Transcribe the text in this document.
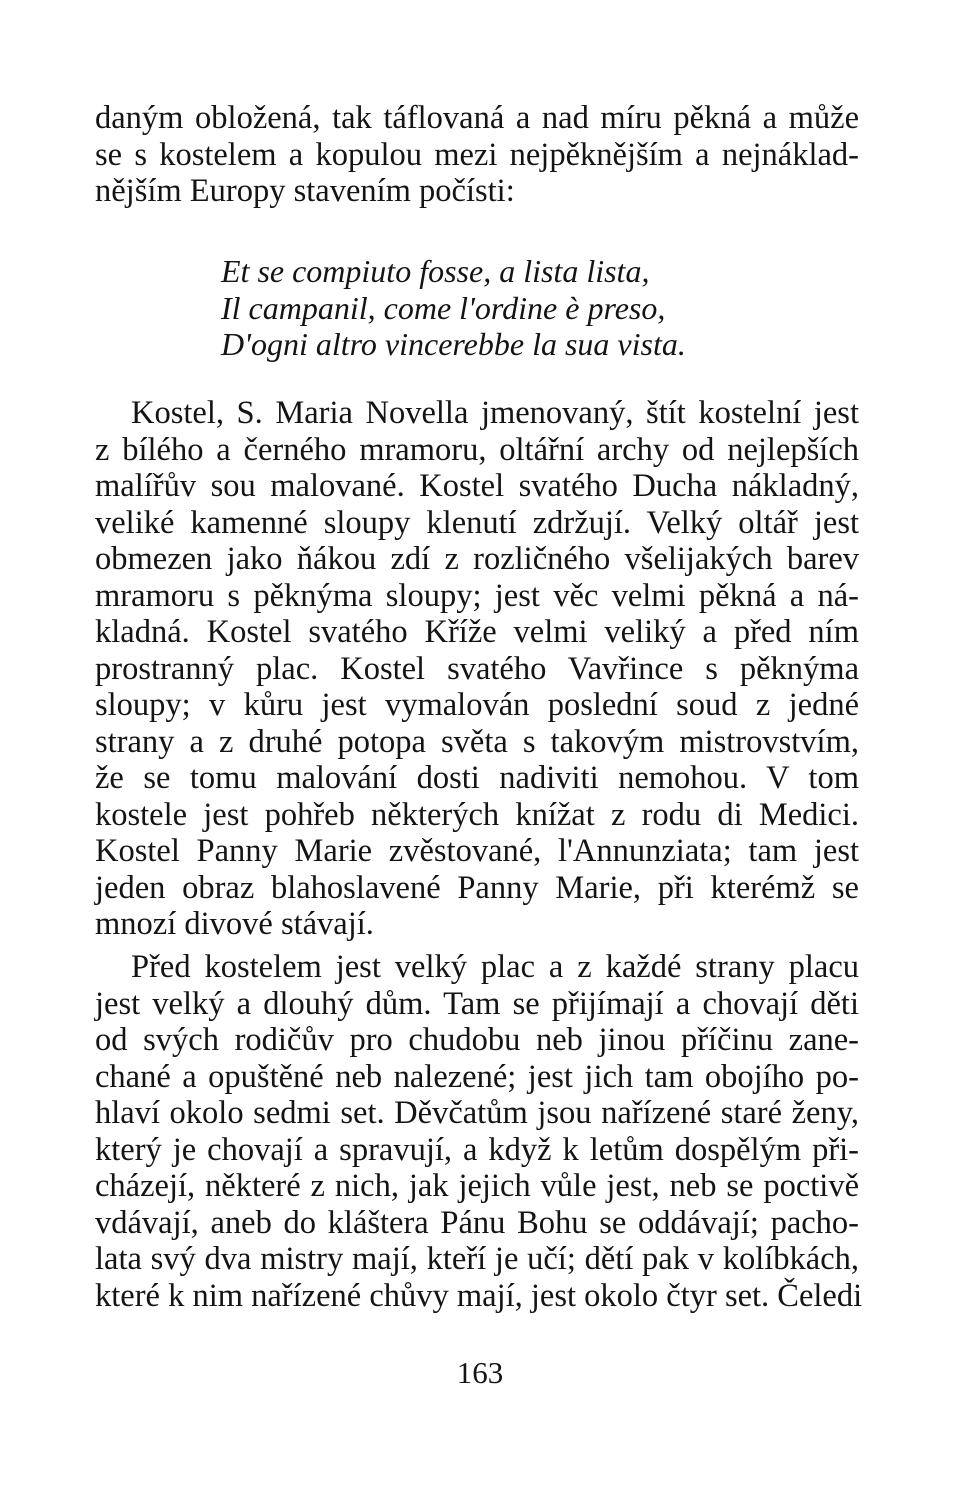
daným obložená, tak táflovaná a nad míru pěkná a může
se s kostelem a kopulou mezi nejpěknějším a nejnáklad-
nějším Europy stavením počísti:
Et se compiuto fosse, a lista lista,
Il campanil, come l'ordine è preso,
D'ogni altro vincerebbe la sua vista.
Kostel, S. Maria Novella jmenovaný, štít kostelní jest
z bílého a černého mramoru, oltářní archy od nejlepších
malířův sou malované. Kostel svatého Ducha nákladný,
veliké kamenné sloupy klenutí zdržují. Velký oltář jest
obmezen jako ňákou zdí z rozličného všelijakých barev
mramoru s pěknýma sloupy; jest věc velmi pěkná a ná-
kladná. Kostel svatého Kříže velmi veliký a před ním
prostranný plac. Kostel svatého Vavřince s pěknýma
sloupy; v kůru jest vymalován poslední soud z jedné
strany a z druhé potopa světa s takovým mistrovstvím,
že se tomu malování dosti nadiviti nemohou. V tom
kostele jest pohřeb některých knížat z rodu di Medici.
Kostel Panny Marie zvěstované, l'Annunziata; tam jest
jeden obraz blahoslavené Panny Marie, při kterémž se
mnozí divové stávají.
Před kostelem jest velký plac a z každé strany placu
jest velký a dlouhý dům. Tam se přijímají a chovají děti
od svých rodičův pro chudobu neb jinou příčinu zane-
chané a opuštěné neb nalezené; jest jich tam obojího po-
hlaví okolo sedmi set. Děvčatům jsou nařízené staré ženy,
který je chovají a spravují, a když k letům dospělým při-
cházejí, některé z nich, jak jejich vůle jest, neb se poctivě
vdávají, aneb do kláštera Pánu Bohu se oddávají; pacho-
lata svý dva mistry mají, kteří je učí; dětí pak v kolíbkách,
které k nim nařízené chůvy mají, jest okolo čtyr set. Čeledi
163
